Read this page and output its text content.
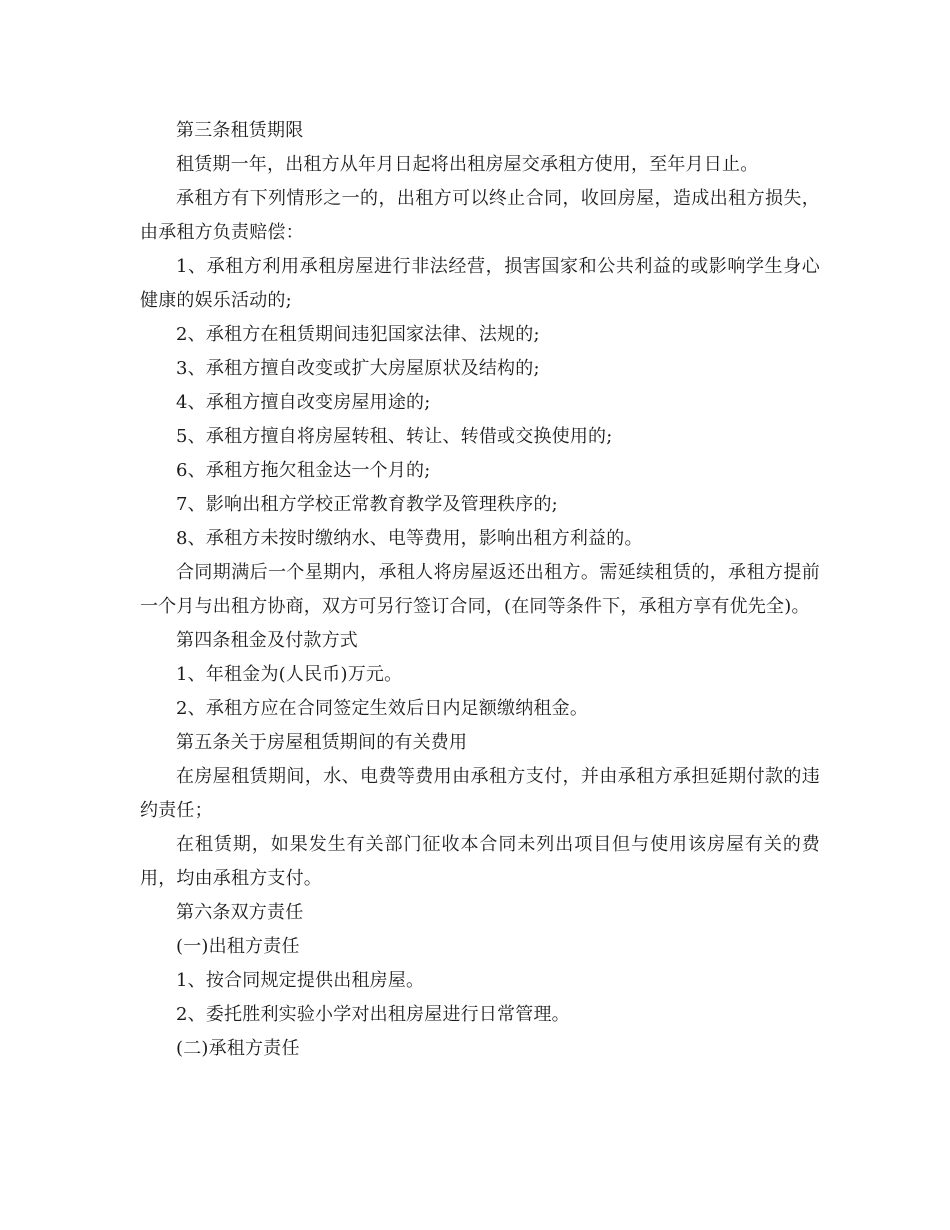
第三条租赁期限

租赁期一年，出租方从年月日起将出租房屋交承租方使用，至年月日止。

承租方有下列情形之一的，出租方可以终止合同，收回房屋，造成出租方损失，由承租方负责赔偿：

1、承租方利用承租房屋进行非法经营，损害国家和公共利益的或影响学生身心健康的娱乐活动的;

2、承租方在租赁期间违犯国家法律、法规的;

3、承租方擅自改变或扩大房屋原状及结构的;

4、承租方擅自改变房屋用途的;

5、承租方擅自将房屋转租、转让、转借或交换使用的;

6、承租方拖欠租金达一个月的;

7、影响出租方学校正常教育教学及管理秩序的;

8、承租方未按时缴纳水、电等费用，影响出租方利益的。

合同期满后一个星期内，承租人将房屋返还出租方。需延续租赁的，承租方提前一个月与出租方协商，双方可另行签订合同，(在同等条件下，承租方享有优先全)。

第四条租金及付款方式

1、年租金为(人民币)万元。

2、承租方应在合同签定生效后日内足额缴纳租金。

第五条关于房屋租赁期间的有关费用

在房屋租赁期间，水、电费等费用由承租方支付，并由承租方承担延期付款的违约责任；

在租赁期，如果发生有关部门征收本合同未列出项目但与使用该房屋有关的费用，均由承租方支付。

第六条双方责任

(一)出租方责任

1、按合同规定提供出租房屋。

2、委托胜利实验小学对出租房屋进行日常管理。

(二)承租方责任
